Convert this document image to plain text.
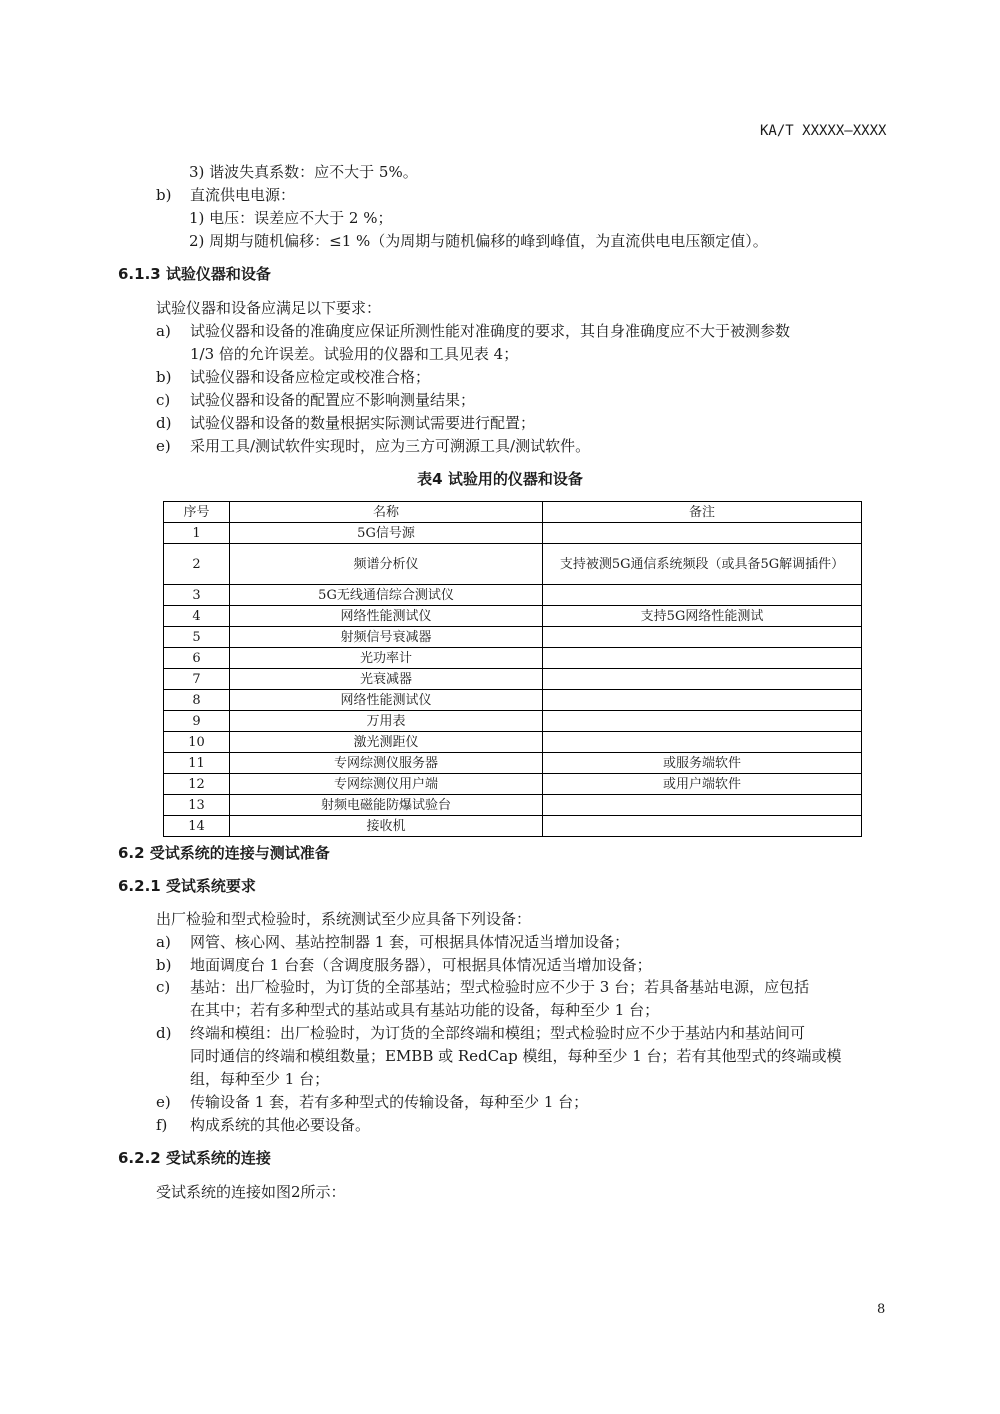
KA/T XXXXX—XXXX
3) 谐波失真系数：应不大于 5%。
b) 直流供电电源：
1) 电压：误差应不大于 2 %；
2) 周期与随机偏移：≤1 %（为周期与随机偏移的峰到峰值，为直流供电电压额定值）。
6.1.3 试验仪器和设备
试验仪器和设备应满足以下要求：
a) 试验仪器和设备的准确度应保证所测性能对准确度的要求，其自身准确度应不大于被测参数
1/3 倍的允许误差。试验用的仪器和工具见表 4；
b) 试验仪器和设备应检定或校准合格；
c) 试验仪器和设备的配置应不影响测量结果；
d) 试验仪器和设备的数量根据实际测试需要进行配置；
e) 采用工具/测试软件实现时，应为三方可溯源工具/测试软件。
表4 试验用的仪器和设备
序号	名称	备注
1	5G信号源	
2	频谱分析仪	支持被测5G通信系统频段（或具备5G解调插件）
3	5G无线通信综合测试仪	
4	网络性能测试仪	支持5G网络性能测试
5	射频信号衰减器	
6	光功率计	
7	光衰减器	
8	网络性能测试仪	
9	万用表	
10	激光测距仪	
11	专网综测仪服务器	或服务端软件
12	专网综测仪用户端	或用户端软件
13	射频电磁能防爆试验台	
14	接收机	
6.2 受试系统的连接与测试准备
6.2.1 受试系统要求
出厂检验和型式检验时，系统测试至少应具备下列设备：
a) 网管、核心网、基站控制器 1 套，可根据具体情况适当增加设备；
b) 地面调度台 1 台套（含调度服务器），可根据具体情况适当增加设备；
c) 基站：出厂检验时，为订货的全部基站；型式检验时应不少于 3 台；若具备基站电源，应包括
在其中；若有多种型式的基站或具有基站功能的设备，每种至少 1 台；
d) 终端和模组：出厂检验时，为订货的全部终端和模组；型式检验时应不少于基站内和基站间可
同时通信的终端和模组数量；EMBB 或 RedCap 模组，每种至少 1 台；若有其他型式的终端或模
组，每种至少 1 台；
e) 传输设备 1 套，若有多种型式的传输设备，每种至少 1 台；
f) 构成系统的其他必要设备。
6.2.2 受试系统的连接
受试系统的连接如图2所示：
8
